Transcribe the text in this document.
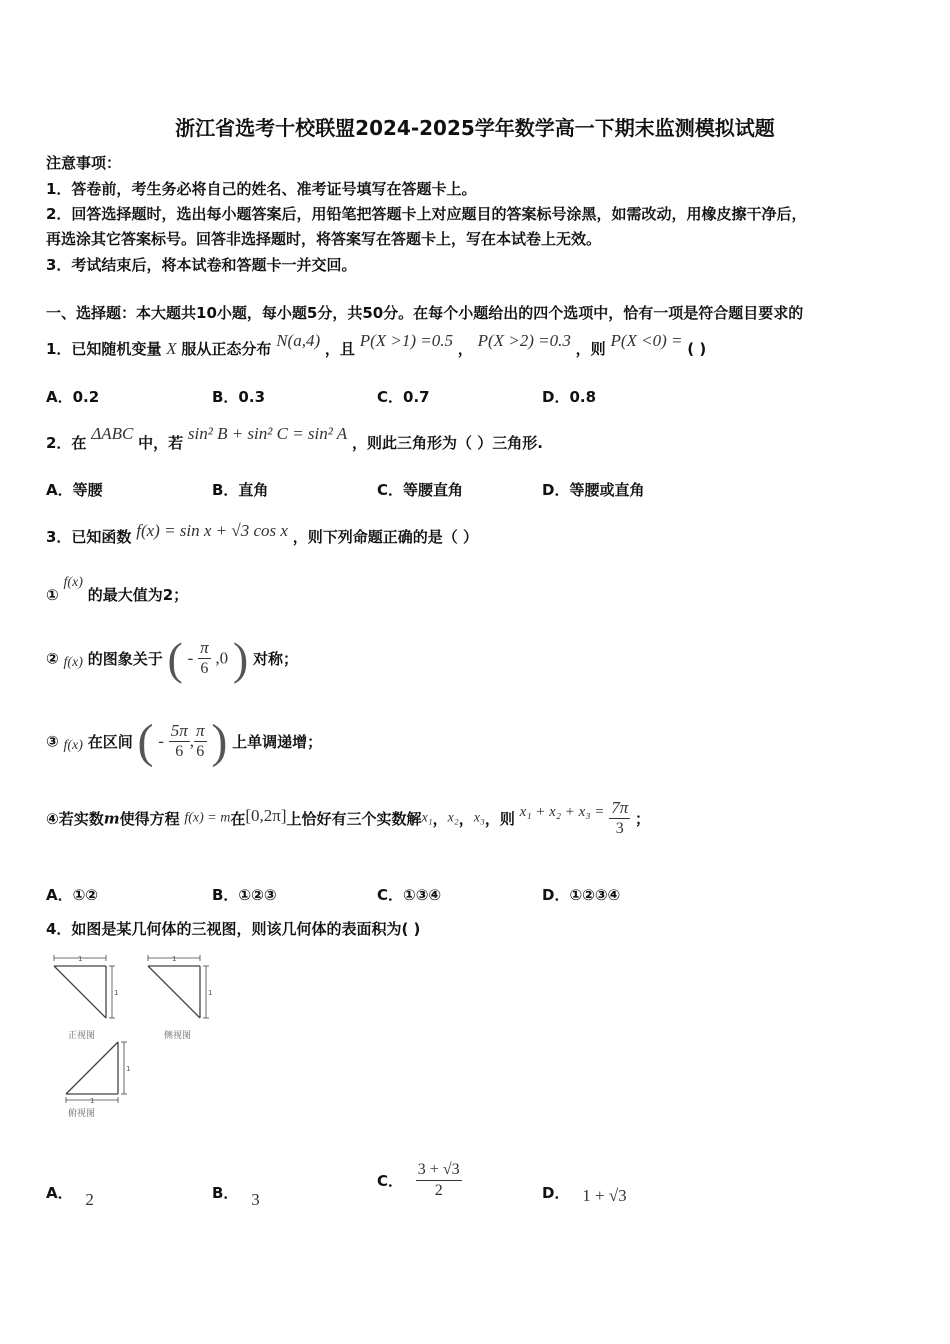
浙江省选考十校联盟2024-2025学年数学高一下期末监测模拟试题
注意事项：
1．答卷前，考生务必将自己的姓名、准考证号填写在答题卡上。
2．回答选择题时，选出每小题答案后，用铅笔把答题卡上对应题目的答案标号涂黑，如需改动，用橡皮擦干净后，
再选涂其它答案标号。回答非选择题时，将答案写在答题卡上，写在本试卷上无效。
3．考试结束后，将本试卷和答题卡一并交回。
一、选择题：本大题共10小题，每小题5分，共50分。在每个小题给出的四个选项中，恰有一项是符合题目要求的
1．已知随机变量 X 服从正态分布 N(a,4) ，且 P(X >1) =0.5 ， P(X >2) =0.3 ，则 P(X <0) = ( )
A．0.2	B．0.3	C．0.7	D．0.8
2．在 ΔABC 中，若 sin² B + sin² C = sin² A ，则此三角形为（ ）三角形.
A．等腰	B．直角	C．等腰直角	D．等腰或直角
3．已知函数 f(x) = sin x + √3 cos x ，则下列命题正确的是（ ）
① f(x) 的最大值为2；
② f(x) 的图象关于 ( - $\frac{\pi}{6} ,0$ ) 对称；
③ f(x) 在区间 ( - $\frac{5\pi}{6}$ , $\frac{\pi}{6}$ ) 上单调递增；
④若实数m使得方程 f(x) = m在[0,2π]上恰好有三个实数解x₁，x₂，x₃，则 $x_1 + x_2 + x_3 = \frac{7\pi}{3}$ ；
A．①②	B．①②③	C．①③④	D．①②③④
4．如图是某几何体的三视图，则该几何体的表面积为( )
1
1
1
1
1
1
正视图	侧视图
俯视图
A． 2	B． 3
C． $\frac{3 + √3}{2}$	D． 1 + √3
